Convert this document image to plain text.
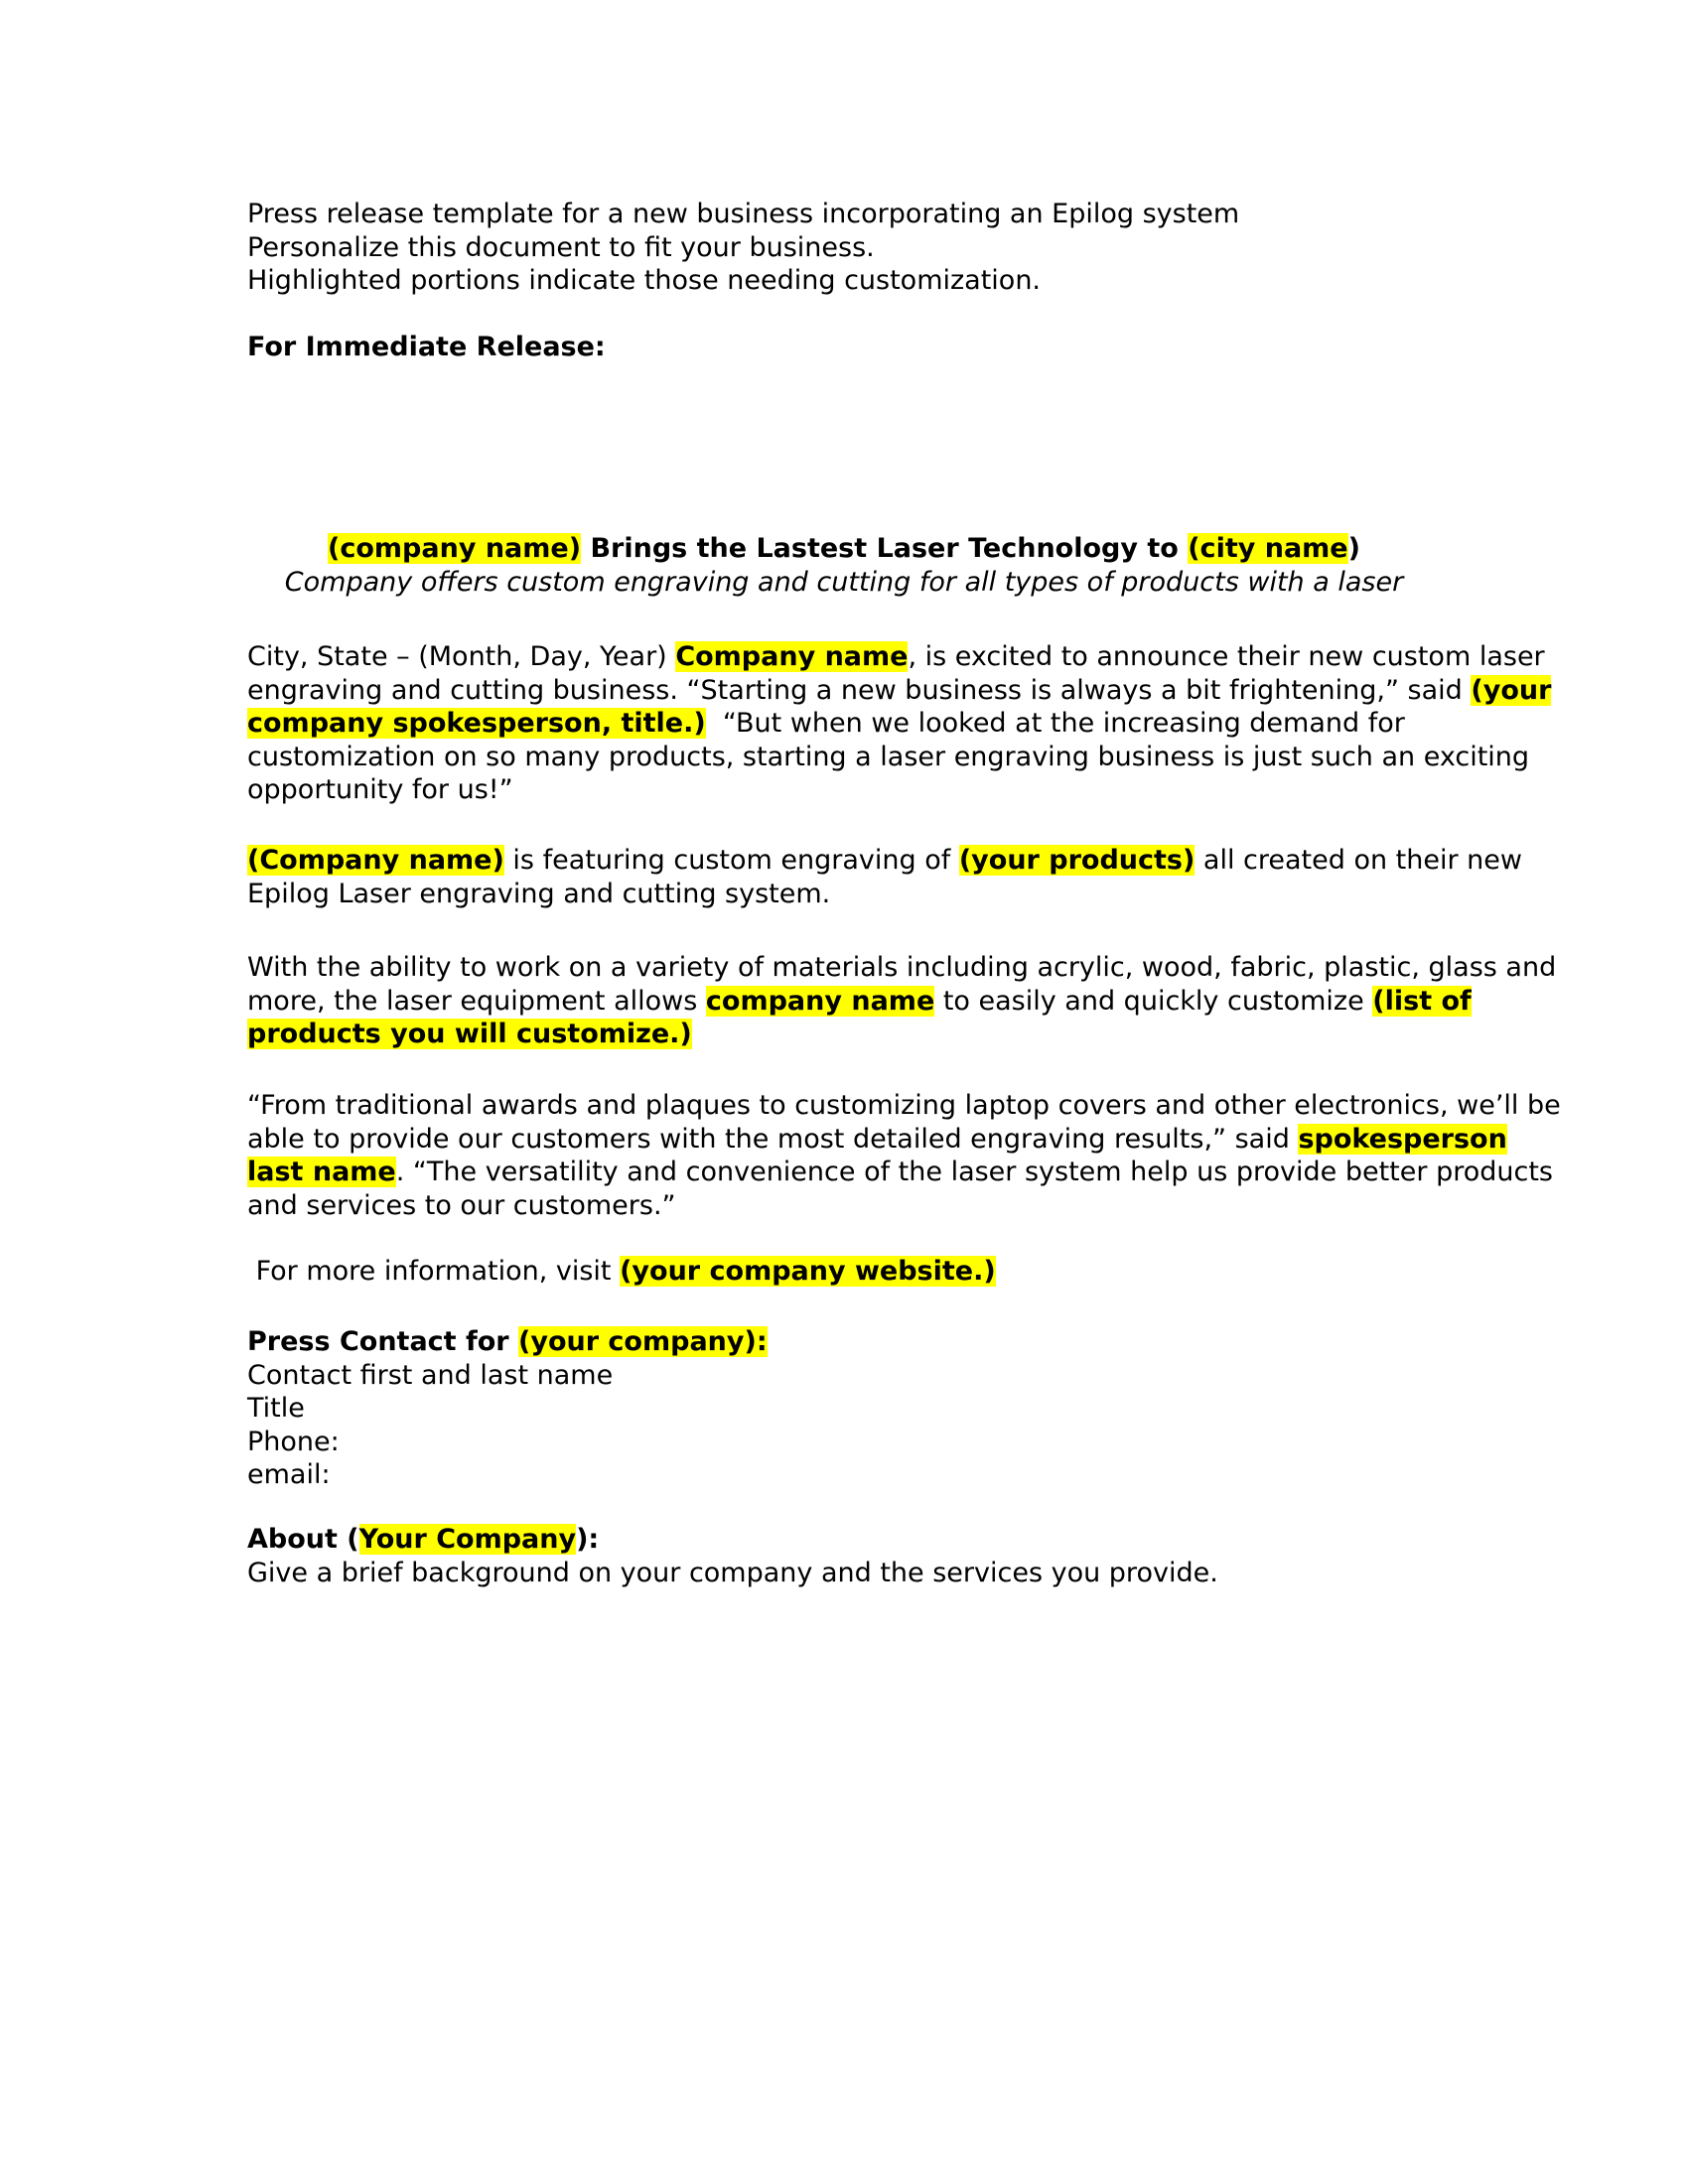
Press release template for a new business incorporating an Epilog system
Personalize this document to fit your business.
Highlighted portions indicate those needing customization.
For Immediate Release:
(company name) Brings the Lastest Laser Technology to (city name)
Company offers custom engraving and cutting for all types of products with a laser
City, State – (Month, Day, Year) Company name, is excited to announce their new custom laser
engraving and cutting business. “Starting a new business is always a bit frightening,” said (your
company spokesperson, title.)  “But when we looked at the increasing demand for
customization on so many products, starting a laser engraving business is just such an exciting
opportunity for us!”
(Company name) is featuring custom engraving of (your products) all created on their new
Epilog Laser engraving and cutting system.
With the ability to work on a variety of materials including acrylic, wood, fabric, plastic, glass and
more, the laser equipment allows company name to easily and quickly customize (list of
products you will customize.)
“From traditional awards and plaques to customizing laptop covers and other electronics, we’ll be
able to provide our customers with the most detailed engraving results,” said spokesperson
last name. “The versatility and convenience of the laser system help us provide better products
and services to our customers.”
For more information, visit (your company website.)
Press Contact for (your company):
Contact first and last name
Title
Phone:
email:
About (Your Company):
Give a brief background on your company and the services you provide.
